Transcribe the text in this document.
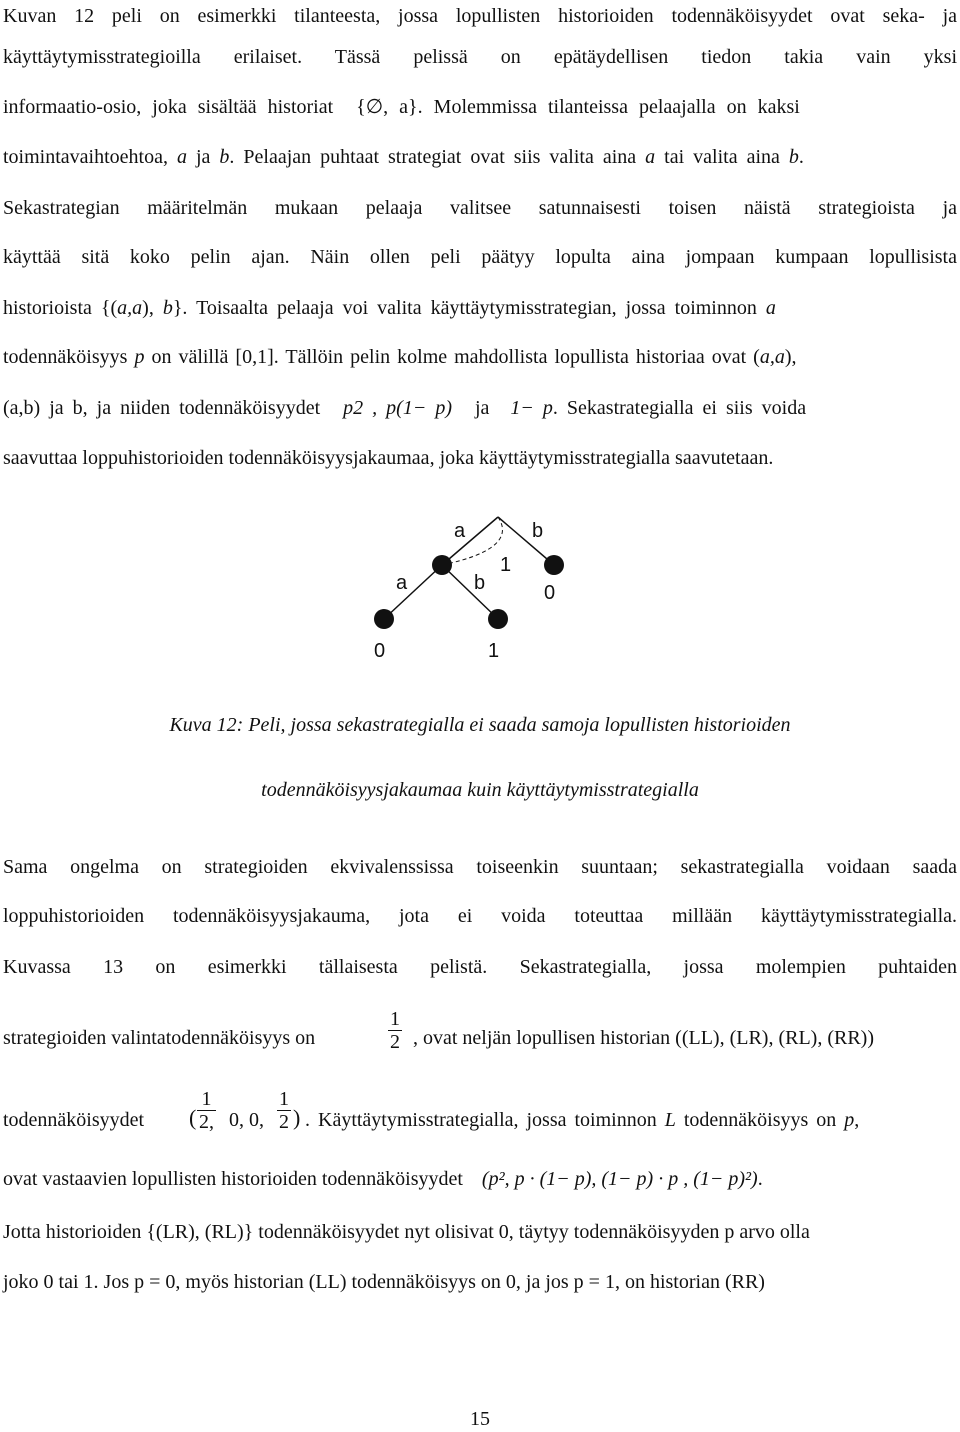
Kuvan 12 peli on esimerkki tilanteesta, jossa lopullisten historioiden todennäköisyydet ovat seka- ja
käyttäytymisstrategioilla erilaiset. Tässä pelissä on epätäydellisen tiedon takia vain yksi
informaatio-osio, joka sisältää historiat {∅, a}. Molemmissa tilanteissa pelaajalla on kaksi
toimintavaihtoehtoa, a ja b. Pelaajan puhtaat strategiat ovat siis valita aina a tai valita aina b.
Sekastrategian määritelmän mukaan pelaaja valitsee satunnaisesti toisen näistä strategioista ja
käyttää sitä koko pelin ajan. Näin ollen peli päätyy lopulta aina jompaan kumpaan lopullisista
historioista {(a,a), b}. Toisaalta pelaaja voi valita käyttäytymisstrategian, jossa toiminnon a
todennäköisyys p on välillä [0,1]. Tällöin pelin kolme mahdollista lopullista historiaa ovat (a,a),
(a,b) ja b, ja niiden todennäköisyydet p2 , p(1− p) ja 1− p. Sekastrategialla ei siis voida
saavuttaa loppuhistorioiden todennäköisyysjakaumaa, joka käyttäytymisstrategialla saavutetaan.
a	b
a	b
1
0
0	1
Kuva 12: Peli, jossa sekastrategialla ei saada samoja lopullisten historioiden
todennäköisyysjakaumaa kuin käyttäytymisstrategialla
Sama ongelma on strategioiden ekvivalenssissa toiseenkin suuntaan; sekastrategialla voidaan saada
loppuhistorioiden todennäköisyysjakauma, jota ei voida toteuttaa millään käyttäytymisstrategialla.
Kuvassa 13 on esimerkki tällaisesta pelistä. Sekastrategialla, jossa molempien puhtaiden
strategioiden valintatodennäköisyys on
1
2 , ovat neljän lopullisen historian ((LL), (LR), (RL), (RR))
todennäköisyydet (
1
2, 0, 0,
1
2 ) . Käyttäytymisstrategialla, jossa toiminnon L todennäköisyys on p,
ovat vastaavien lopullisten historioiden todennäköisyydet (p², p · (1− p), (1− p) · p , (1− p)²).
Jotta historioiden {(LR), (RL)} todennäköisyydet nyt olisivat 0, täytyy todennäköisyyden p arvo olla
joko 0 tai 1. Jos p = 0, myös historian (LL) todennäköisyys on 0, ja jos p = 1, on historian (RR)
15
